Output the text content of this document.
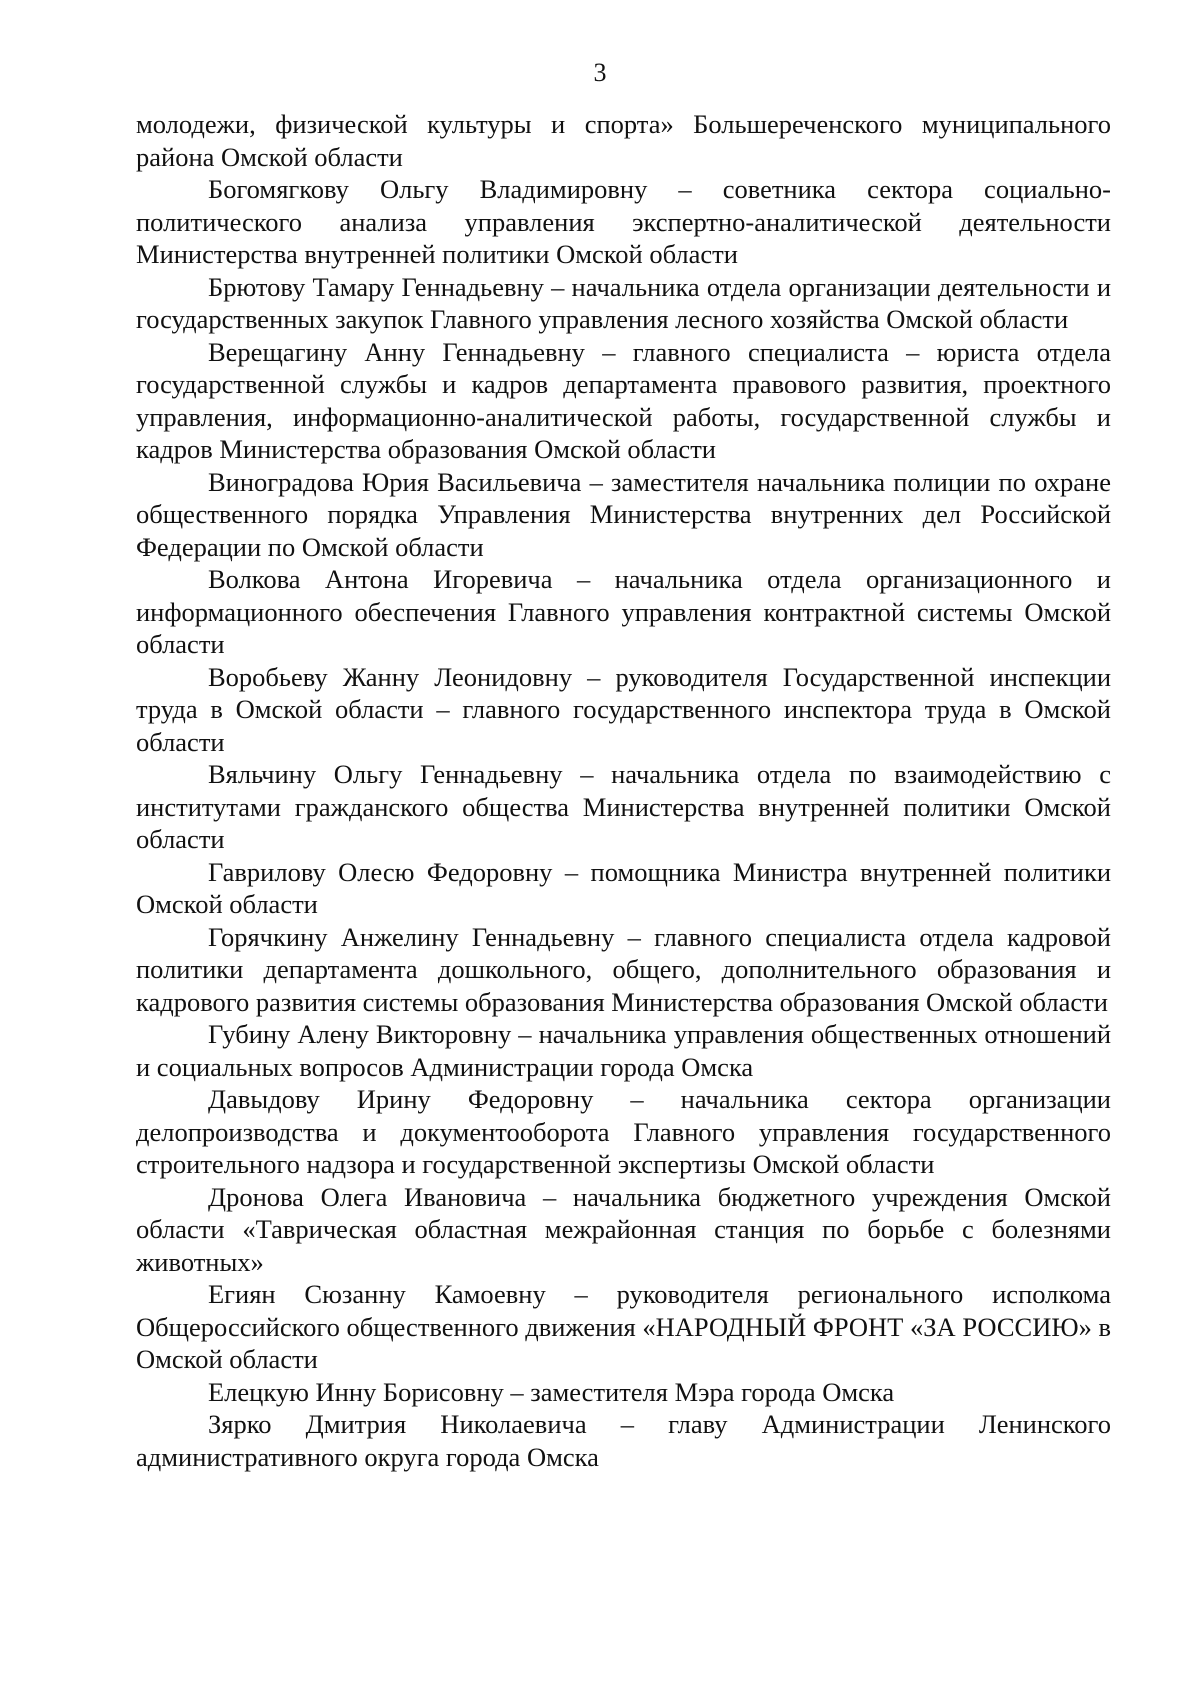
3

молодежи, физической культуры и спорта» Большереченского муниципального района Омской области

Богомягкову Ольгу Владимировну – советника сектора социально-политического анализа управления экспертно-аналитической деятельности Министерства внутренней политики Омской области

Брютову Тамару Геннадьевну – начальника отдела организации деятельности и государственных закупок Главного управления лесного хозяйства Омской области

Верещагину Анну Геннадьевну – главного специалиста – юриста отдела государственной службы и кадров департамента правового развития, проектного управления, информационно-аналитической работы, государственной службы и кадров Министерства образования Омской области

Виноградова Юрия Васильевича – заместителя начальника полиции по охране общественного порядка Управления Министерства внутренних дел Российской Федерации по Омской области

Волкова Антона Игоревича – начальника отдела организационного и информационного обеспечения Главного управления контрактной системы Омской области

Воробьеву Жанну Леонидовну – руководителя Государственной инспекции труда в Омской области – главного государственного инспектора труда в Омской области

Вяльчину Ольгу Геннадьевну – начальника отдела по взаимодействию с институтами гражданского общества Министерства внутренней политики Омской области

Гаврилову Олесю Федоровну – помощника Министра внутренней политики Омской области

Горячкину Анжелину Геннадьевну – главного специалиста отдела кадровой политики департамента дошкольного, общего, дополнительного образования и кадрового развития системы образования Министерства образования Омской области

Губину Алену Викторовну – начальника управления общественных отношений и социальных вопросов Администрации города Омска

Давыдову Ирину Федоровну – начальника сектора организации делопроизводства и документооборота Главного управления государственного строительного надзора и государственной экспертизы Омской области

Дронова Олега Ивановича – начальника бюджетного учреждения Омской области «Таврическая областная межрайонная станция по борьбе с болезнями животных»

Егиян Сюзанну Камоевну – руководителя регионального исполкома Общероссийского общественного движения «НАРОДНЫЙ ФРОНТ «ЗА РОССИЮ» в Омской области

Елецкую Инну Борисовну – заместителя Мэра города Омска

Зярко Дмитрия Николаевича – главу Администрации Ленинского административного округа города Омска
